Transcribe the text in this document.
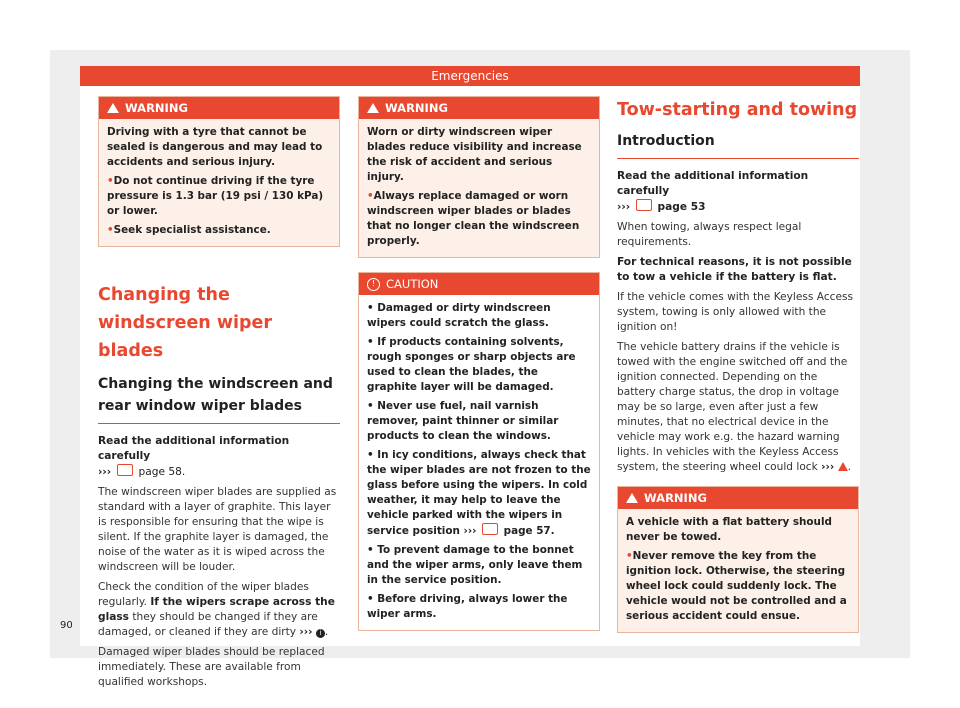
Emergencies
WARNING

Driving with a tyre that cannot be sealed is dangerous and may lead to accidents and serious injury.

• Do not continue driving if the tyre pressure is 1.3 bar (19 psi / 130 kPa) or lower.

• Seek specialist assistance.

Changing the windscreen wiper blades
Changing the windscreen and rear window wiper blades

Read the additional information carefully
›››	page 58.

The windscreen wiper blades are supplied as standard with a layer of graphite. This layer is responsible for ensuring that the wipe is silent. If the graphite layer is damaged, the noise of the water as it is wiped across the windscreen will be louder.

Check the condition of the wiper blades regularly. If the wipers scrape across the glass they should be changed if they are damaged, or cleaned if they are dirty ››› i .

Damaged wiper blades should be replaced immediately. These are available from qualified workshops.

WARNING

Worn or dirty windscreen wiper blades reduce visibility and increase the risk of accident and serious injury.

• Always replace damaged or worn windscreen wiper blades or blades that no longer clean the windscreen properly.

! CAUTION

• Damaged or dirty windscreen wipers could scratch the glass.

• If products containing solvents, rough sponges or sharp objects are used to clean the blades, the graphite layer will be damaged.

• Never use fuel, nail varnish remover, paint thinner or similar products to clean the windows.

• In icy conditions, always check that the wiper blades are not frozen to the glass before using the wipers. In cold weather, it may help to leave the vehicle parked with the wipers in service position ›››	page 57.

• To prevent damage to the bonnet and the wiper arms, only leave them in the service position.

• Before driving, always lower the wiper arms.

Tow-starting and towing
Introduction

Read the additional information carefully
›››	page 53

When towing, always respect legal requirements.

For technical reasons, it is not possible to tow a vehicle if the battery is flat.

If the vehicle comes with the Keyless Access system, towing is only allowed with the ignition on!

The vehicle battery drains if the vehicle is towed with the engine switched off and the ignition connected. Depending on the battery charge status, the drop in voltage may be so large, even after just a few minutes, that no electrical device in the vehicle may work e.g. the hazard warning lights. In vehicles with the Keyless Access system, the steering wheel could lock ››› .

WARNING

A vehicle with a flat battery should never be towed.

• Never remove the key from the ignition lock. Otherwise, the steering wheel lock could suddenly lock. The vehicle would not be controlled and a serious accident could ensue.

90
